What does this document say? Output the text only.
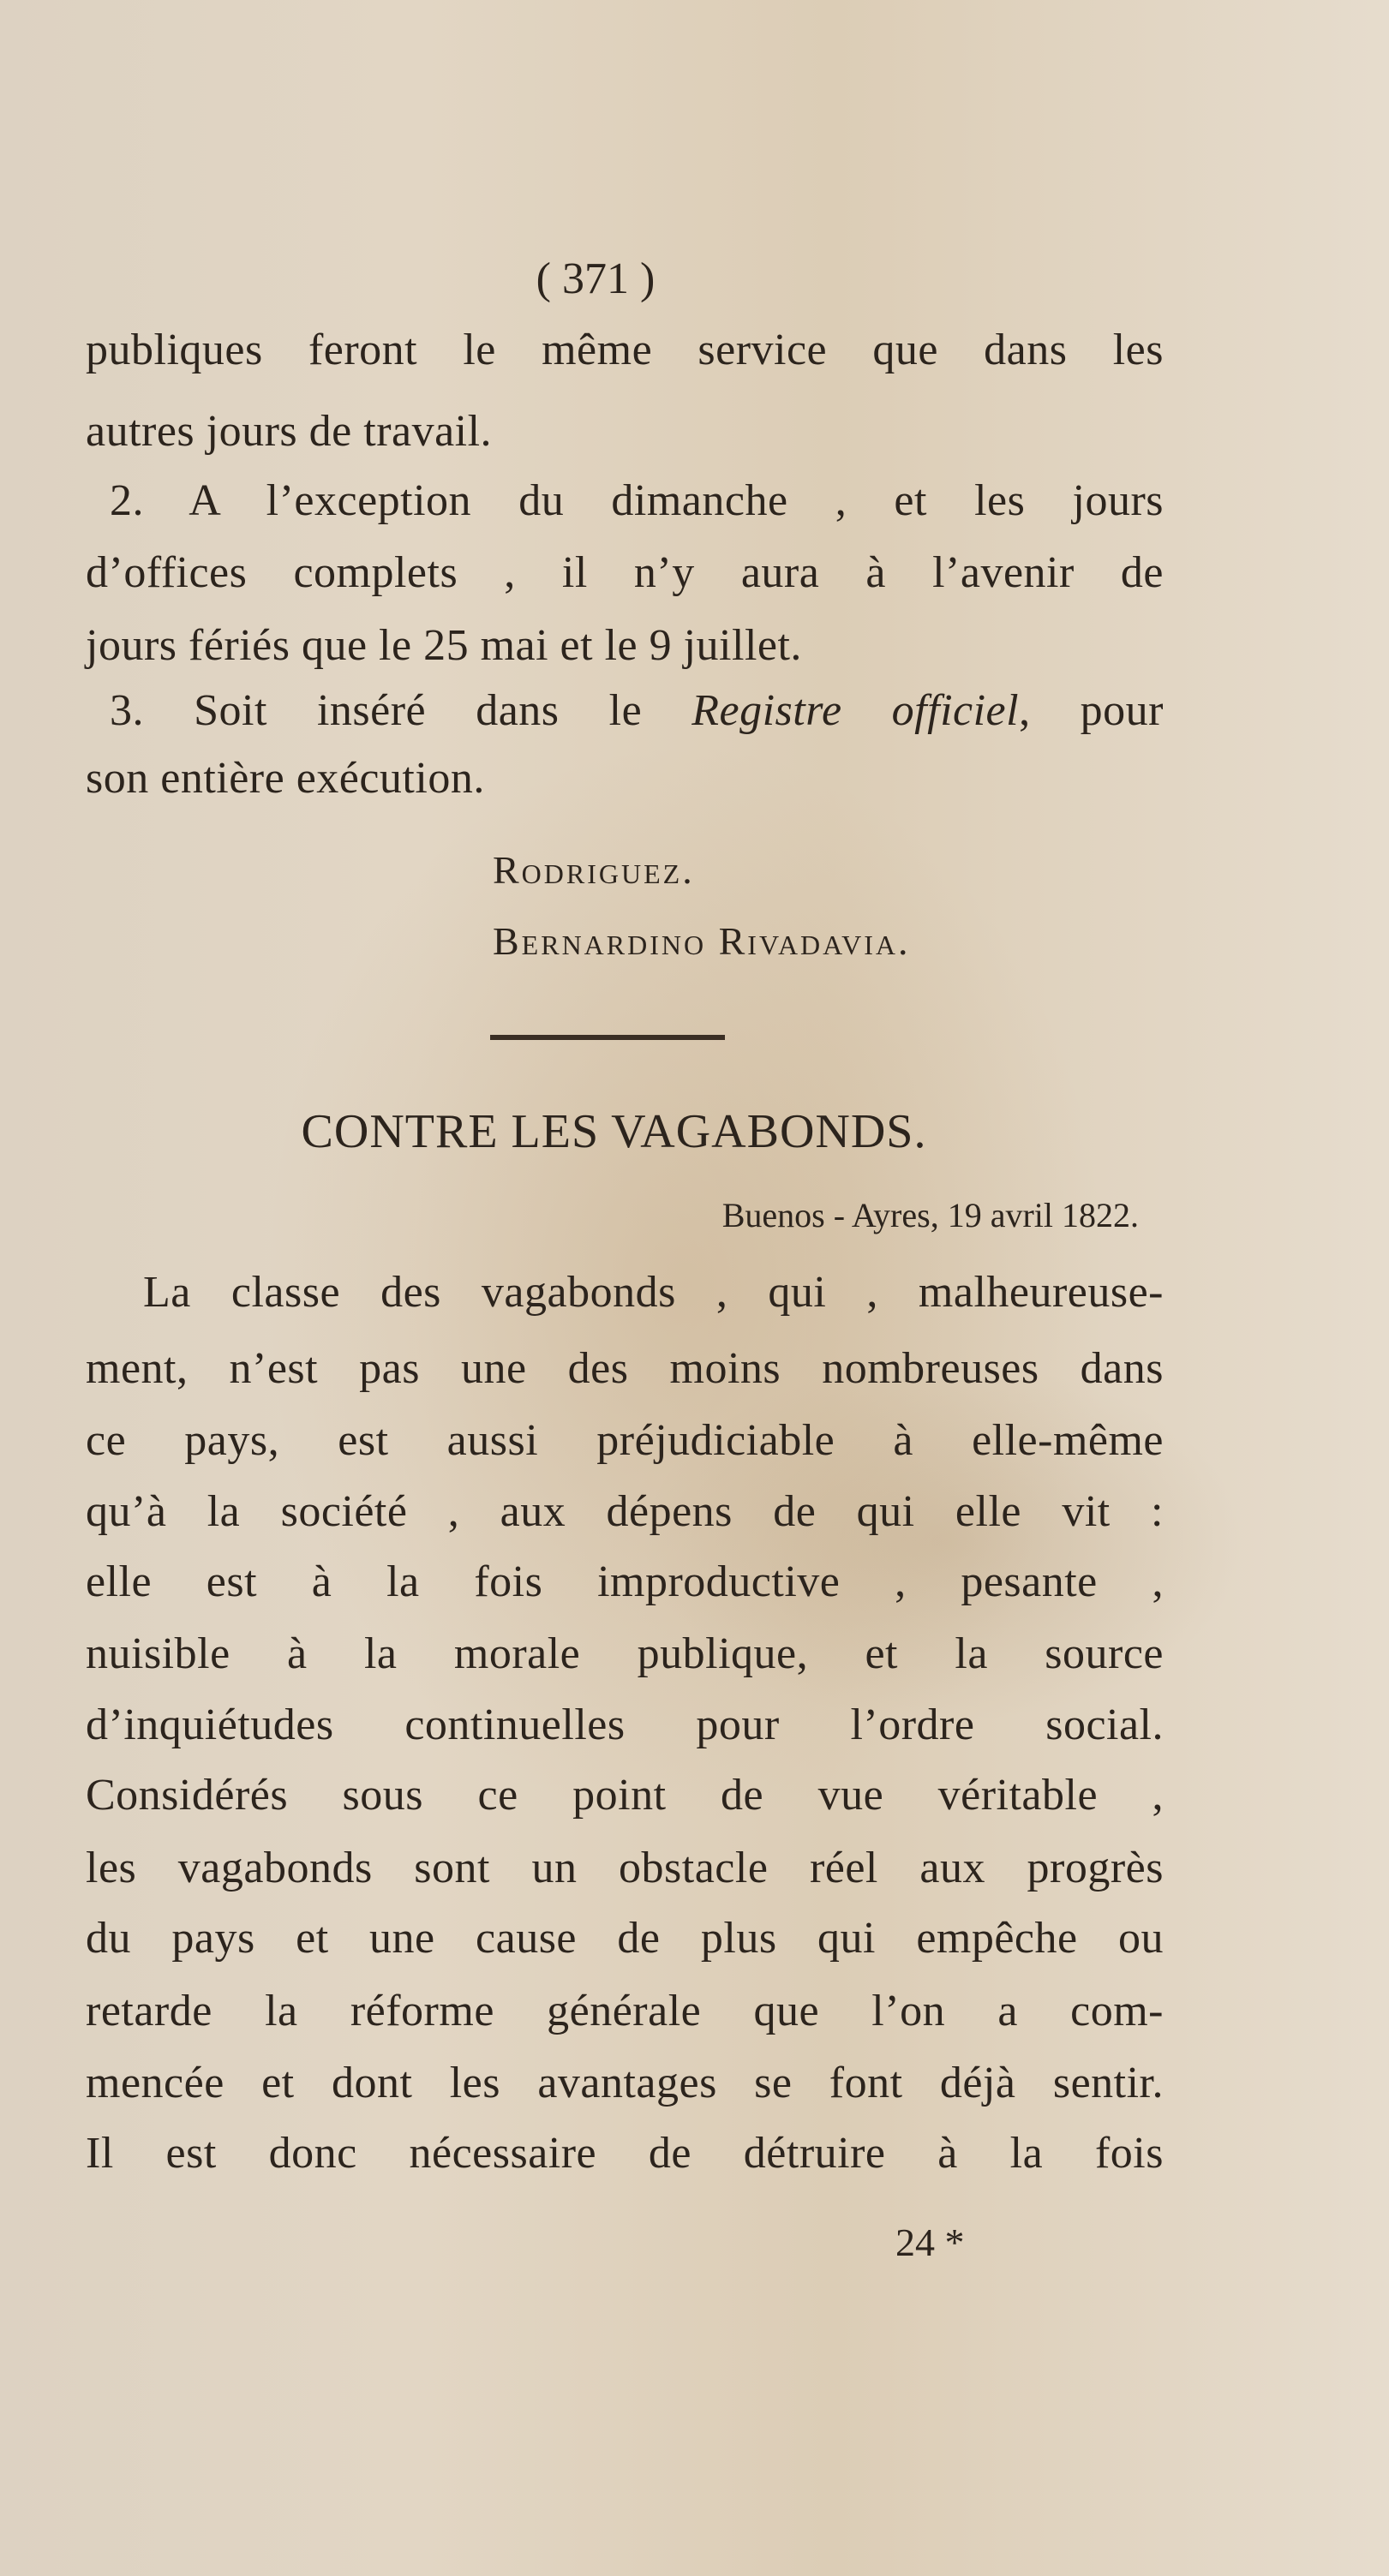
( 371 )
publiques feront le même service que dans les
autres jours de travail.
2. A l’exception du dimanche , et les jours
d’offices complets , il n’y aura à l’avenir de
jours fériés que le 25 mai et le 9 juillet.
3. Soit inséré dans le Registre officiel, pour
son entière exécution.
Rodriguez.
Bernardino Rivadavia.
CONTRE LES VAGABONDS.
Buenos - Ayres, 19 avril 1822.
La classe des vagabonds , qui , malheureuse-
ment, n’est pas une des moins nombreuses dans
ce pays, est aussi préjudiciable à elle-même
qu’à la société , aux dépens de qui elle vit :
elle est à la fois improductive , pesante ,
nuisible à la morale publique, et la source
d’inquiétudes continuelles pour l’ordre social.
Considérés sous ce point de vue véritable ,
les vagabonds sont un obstacle réel aux progrès
du pays et une cause de plus qui empêche ou
retarde la réforme générale que l’on a com-
mencée et dont les avantages se font déjà sentir.
Il est donc nécessaire de détruire à la fois
24 *
